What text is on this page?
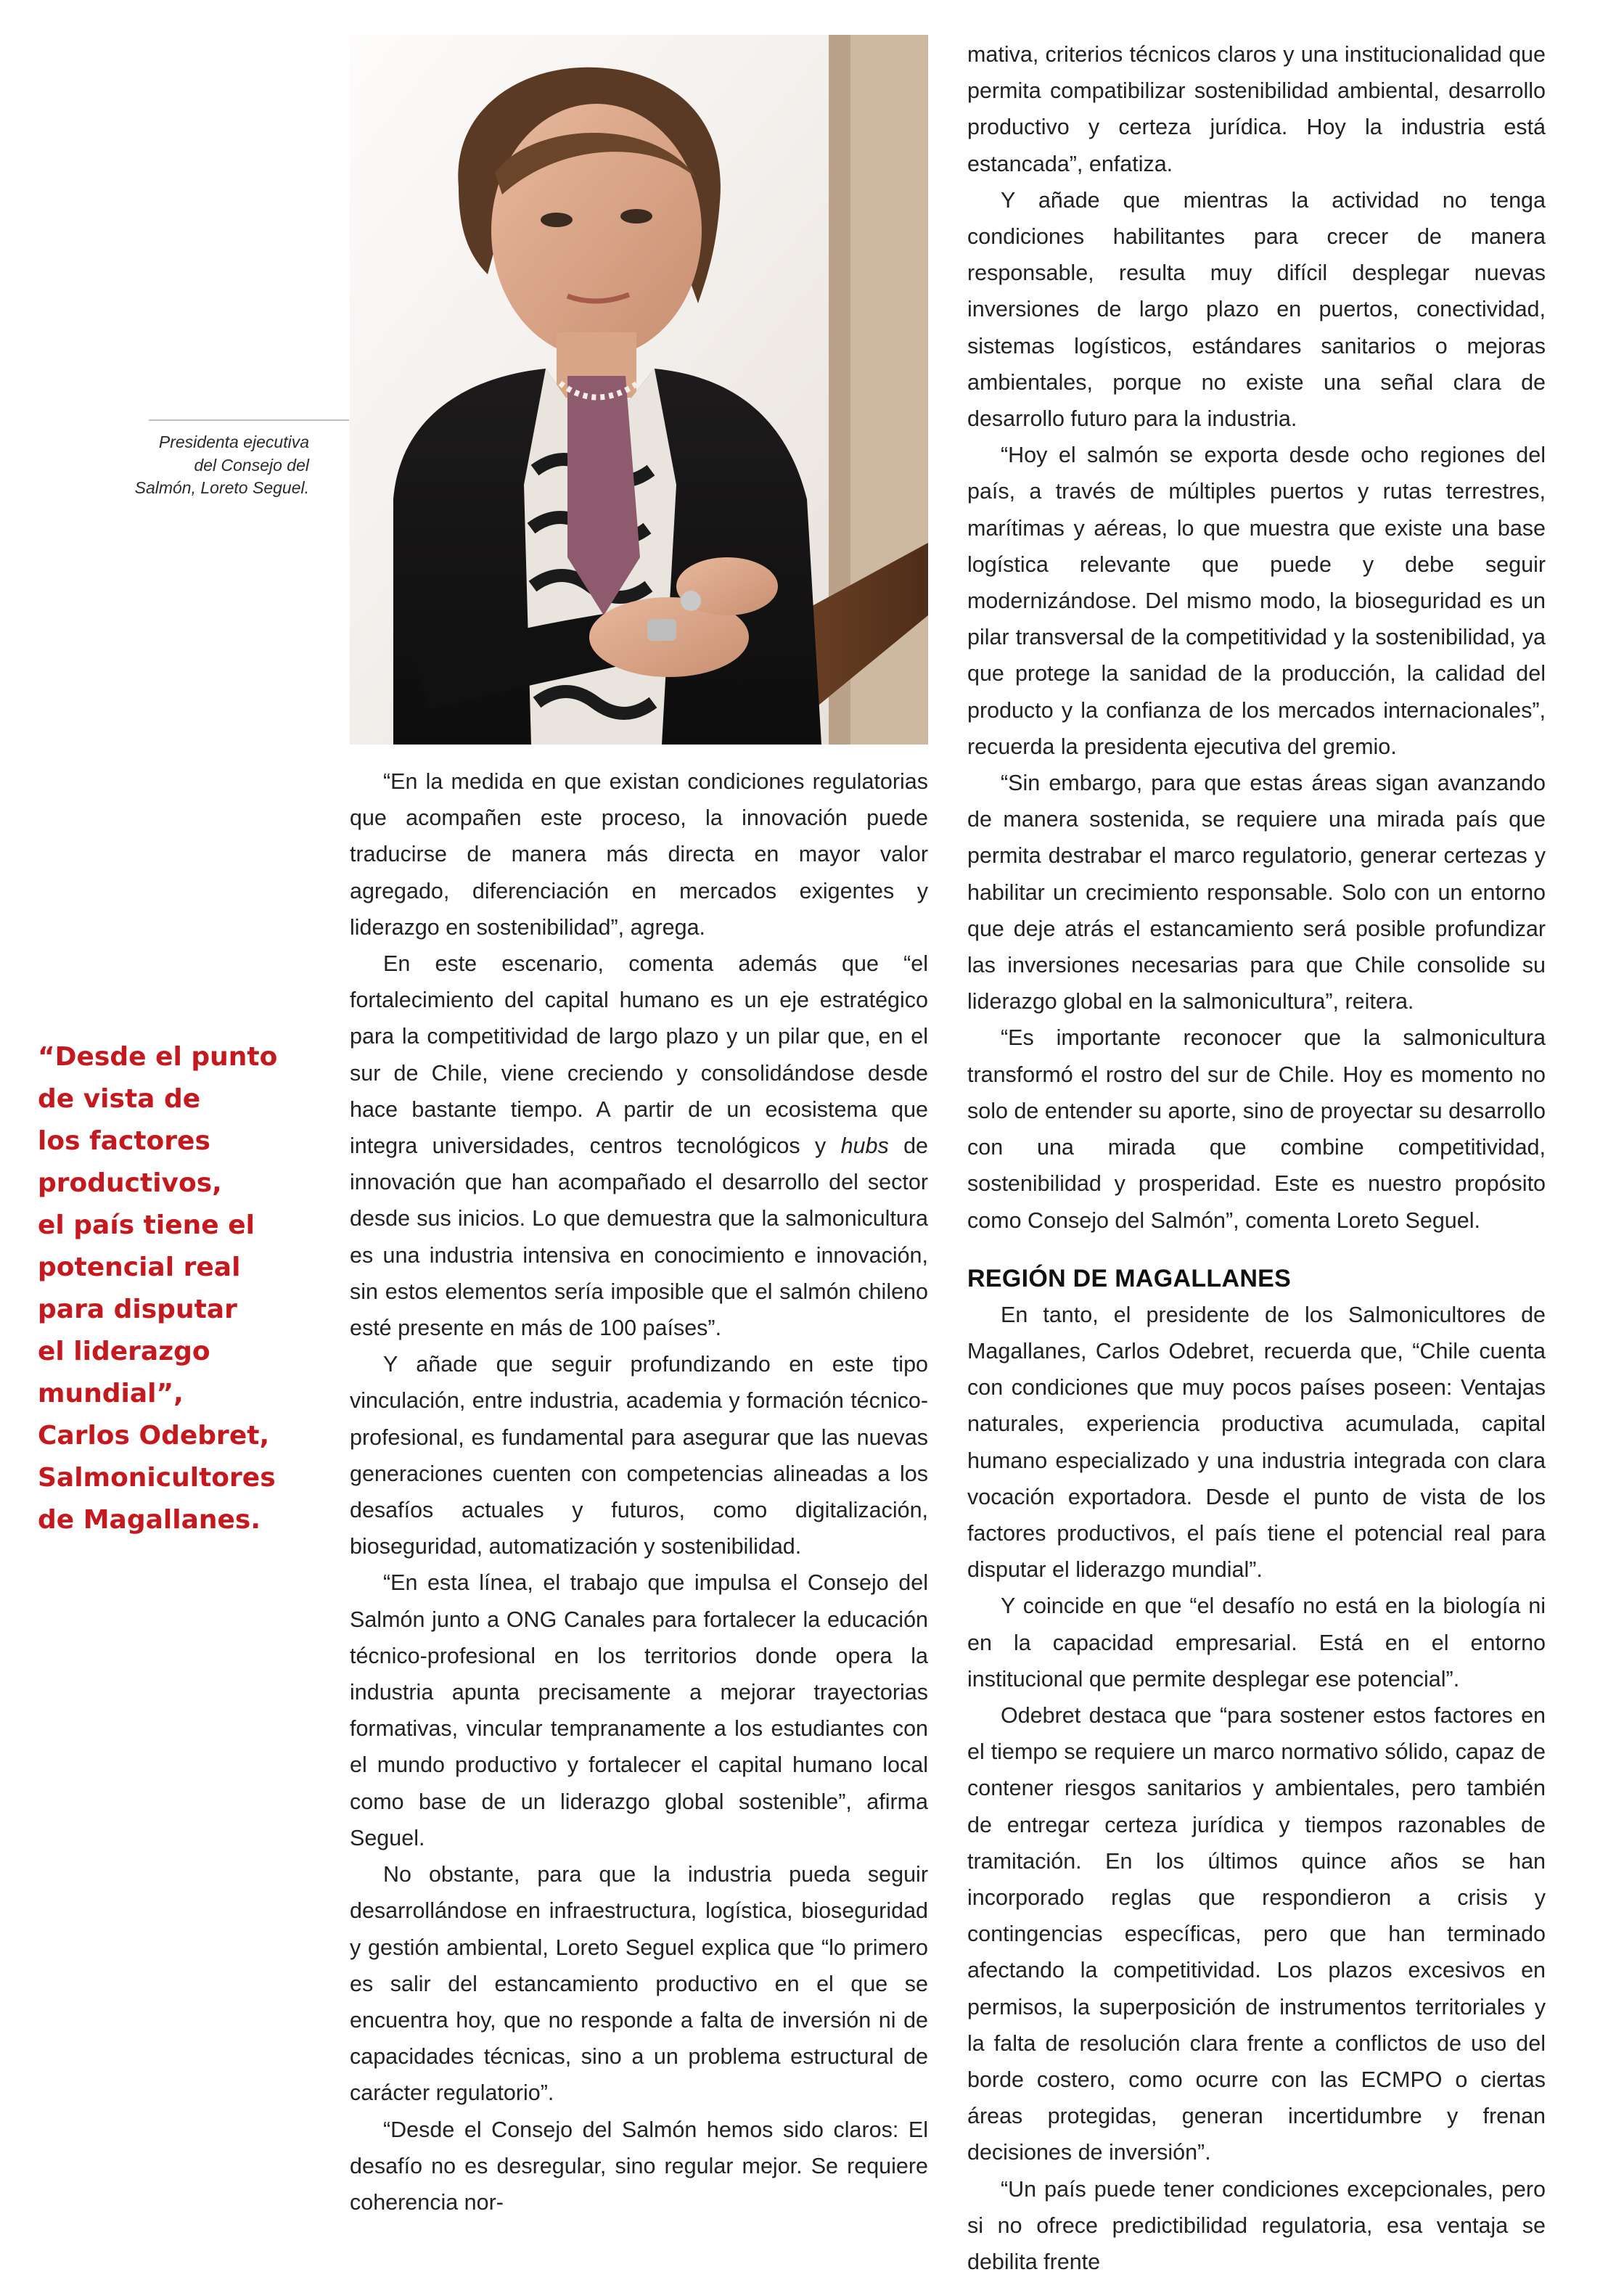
Presidenta ejecutiva
del Consejo del
Salmón, Loreto Seguel.
“Desde el punto
de vista de
los factores
productivos,
el país tiene el
potencial real
para disputar
el liderazgo
mundial”,
Carlos Odebret,
Salmonicultores
de Magallanes.

“En la medida en que existan condiciones regulatorias que acompañen este proceso, la innovación puede traducirse de manera más directa en mayor valor agregado, diferenciación en mercados exigentes y liderazgo en sostenibilidad”, agrega.

En este escenario, comenta además que “el fortalecimiento del capital humano es un eje estratégico para la competitividad de largo plazo y un pilar que, en el sur de Chile, viene creciendo y consolidándose desde hace bastante tiempo. A partir de un ecosistema que integra universidades, centros tecnológicos y hubs de innovación que han acompañado el desarrollo del sector desde sus inicios. Lo que demuestra que la salmonicultura es una industria intensiva en conocimiento e innovación, sin estos elementos sería imposible que el salmón chileno esté presente en más de 100 países”.

Y añade que seguir profundizando en este tipo vinculación, entre industria, academia y formación técnico-profesional, es fundamental para asegurar que las nuevas generaciones cuenten con competencias alineadas a los desafíos actuales y futuros, como digitalización, bioseguridad, automatización y sostenibilidad.

“En esta línea, el trabajo que impulsa el Consejo del Salmón junto a ONG Canales para fortalecer la educación técnico-profesional en los territorios donde opera la industria apunta precisamente a mejorar trayectorias formativas, vincular tempranamente a los estudiantes con el mundo productivo y fortalecer el capital humano local como base de un liderazgo global sostenible”, afirma Seguel.

No obstante, para que la industria pueda seguir desarrollándose en infraestructura, logística, bioseguridad y gestión ambiental, Loreto Seguel explica que “lo primero es salir del estancamiento productivo en el que se encuentra hoy, que no responde a falta de inversión ni de capacidades técnicas, sino a un problema estructural de carácter regulatorio”.

“Desde el Consejo del Salmón hemos sido claros: El desafío no es desregular, sino regular mejor. Se requiere coherencia nor-

mativa, criterios técnicos claros y una institucionalidad que permita compatibilizar sostenibilidad ambiental, desarrollo productivo y certeza jurídica. Hoy la industria está estancada”, enfatiza.

Y añade que mientras la actividad no tenga condiciones habilitantes para crecer de manera responsable, resulta muy difícil desplegar nuevas inversiones de largo plazo en puertos, conectividad, sistemas logísticos, estándares sanitarios o mejoras ambientales, porque no existe una señal clara de desarrollo futuro para la industria.

“Hoy el salmón se exporta desde ocho regiones del país, a través de múltiples puertos y rutas terrestres, marítimas y aéreas, lo que muestra que existe una base logística relevante que puede y debe seguir modernizándose. Del mismo modo, la bioseguridad es un pilar transversal de la competitividad y la sostenibilidad, ya que protege la sanidad de la producción, la calidad del producto y la confianza de los mercados internacionales”, recuerda la presidenta ejecutiva del gremio.

“Sin embargo, para que estas áreas sigan avanzando de manera sostenida, se requiere una mirada país que permita destrabar el marco regulatorio, generar certezas y habilitar un crecimiento responsable. Solo con un entorno que deje atrás el estancamiento será posible profundizar las inversiones necesarias para que Chile consolide su liderazgo global en la salmonicultura”, reitera.

“Es importante reconocer que la salmonicultura transformó el rostro del sur de Chile. Hoy es momento no solo de entender su aporte, sino de proyectar su desarrollo con una mirada que combine competitividad, sostenibilidad y prosperidad. Este es nuestro propósito como Consejo del Salmón”, comenta Loreto Seguel.

REGIÓN DE MAGALLANES

En tanto, el presidente de los Salmonicultores de Magallanes, Carlos Odebret, recuerda que, “Chile cuenta con condiciones que muy pocos países poseen: Ventajas naturales, experiencia productiva acumulada, capital humano especializado y una industria integrada con clara vocación exportadora. Desde el punto de vista de los factores productivos, el país tiene el potencial real para disputar el liderazgo mundial”.

Y coincide en que “el desafío no está en la biología ni en la capacidad empresarial. Está en el entorno institucional que permite desplegar ese potencial”.

Odebret destaca que “para sostener estos factores en el tiempo se requiere un marco normativo sólido, capaz de contener riesgos sanitarios y ambientales, pero también de entregar certeza jurídica y tiempos razonables de tramitación. En los últimos quince años se han incorporado reglas que respondieron a crisis y contingencias específicas, pero que han terminado afectando la competitividad. Los plazos excesivos en permisos, la superposición de instrumentos territoriales y la falta de resolución clara frente a conflictos de uso del borde costero, como ocurre con las ECMPO o ciertas áreas protegidas, generan incertidumbre y frenan decisiones de inversión”.

“Un país puede tener condiciones excepcionales, pero si no ofrece predictibilidad regulatoria, esa ventaja se debilita frente
